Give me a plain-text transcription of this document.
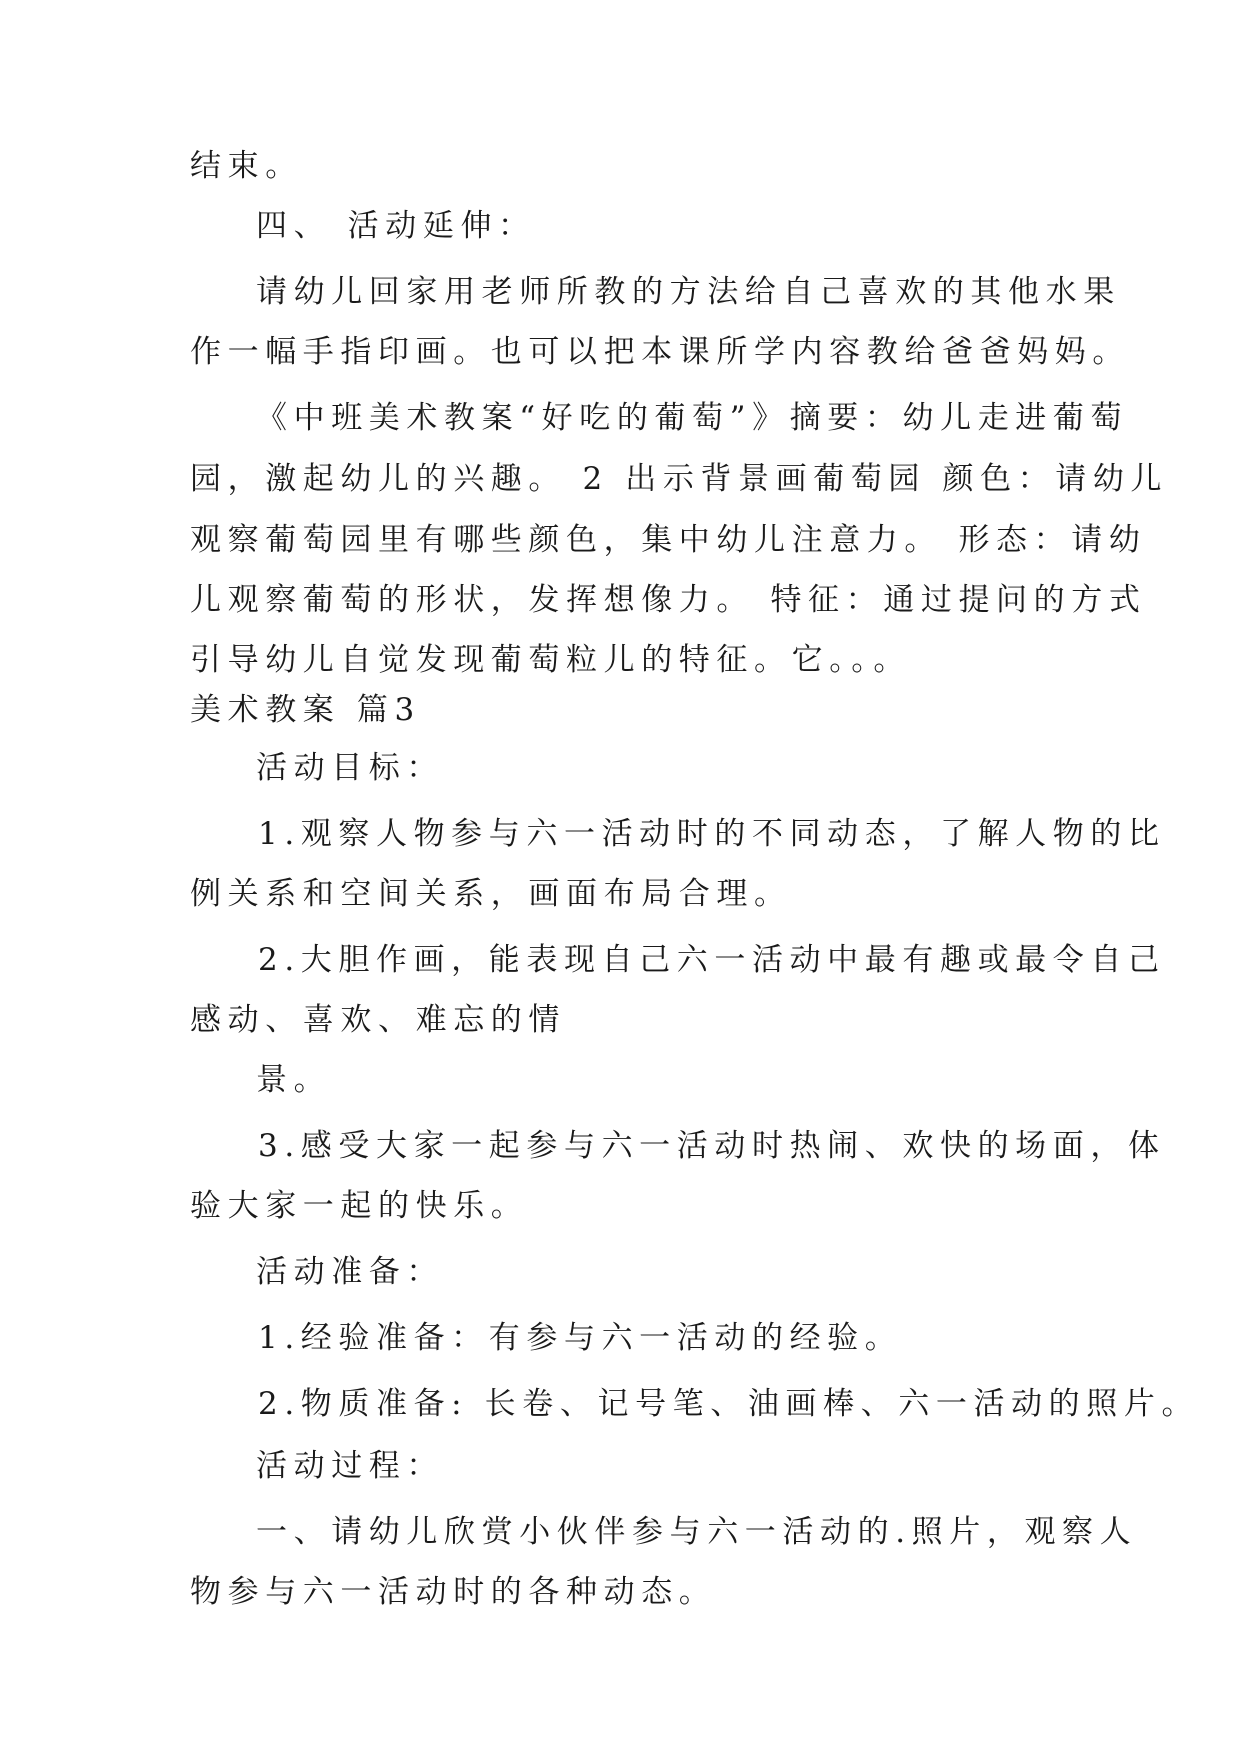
结束。
四、 活动延伸：
请幼儿回家用老师所教的方法给自己喜欢的其他水果
作一幅手指印画。也可以把本课所学内容教给爸爸妈妈。
《中班美术教案“好吃的葡萄”》摘要：幼儿走进葡萄
园，激起幼儿的兴趣。 2 出示背景画葡萄园 颜色：请幼儿
观察葡萄园里有哪些颜色，集中幼儿注意力。 形态：请幼
儿观察葡萄的形状，发挥想像力。 特征：通过提问的方式
引导幼儿自觉发现葡萄粒儿的特征。它。。。
美术教案 篇3
活动目标：
1.观察人物参与六一活动时的不同动态，了解人物的比
例关系和空间关系，画面布局合理。
2.大胆作画，能表现自己六一活动中最有趣或最令自己
感动、喜欢、难忘的情
景。
3.感受大家一起参与六一活动时热闹、欢快的场面，体
验大家一起的快乐。
活动准备：
1.经验准备：有参与六一活动的经验。
2.物质准备: 长卷、记号笔、油画棒、六一活动的照片。
活动过程：
一、请幼儿欣赏小伙伴参与六一活动的.照片，观察人
物参与六一活动时的各种动态。
